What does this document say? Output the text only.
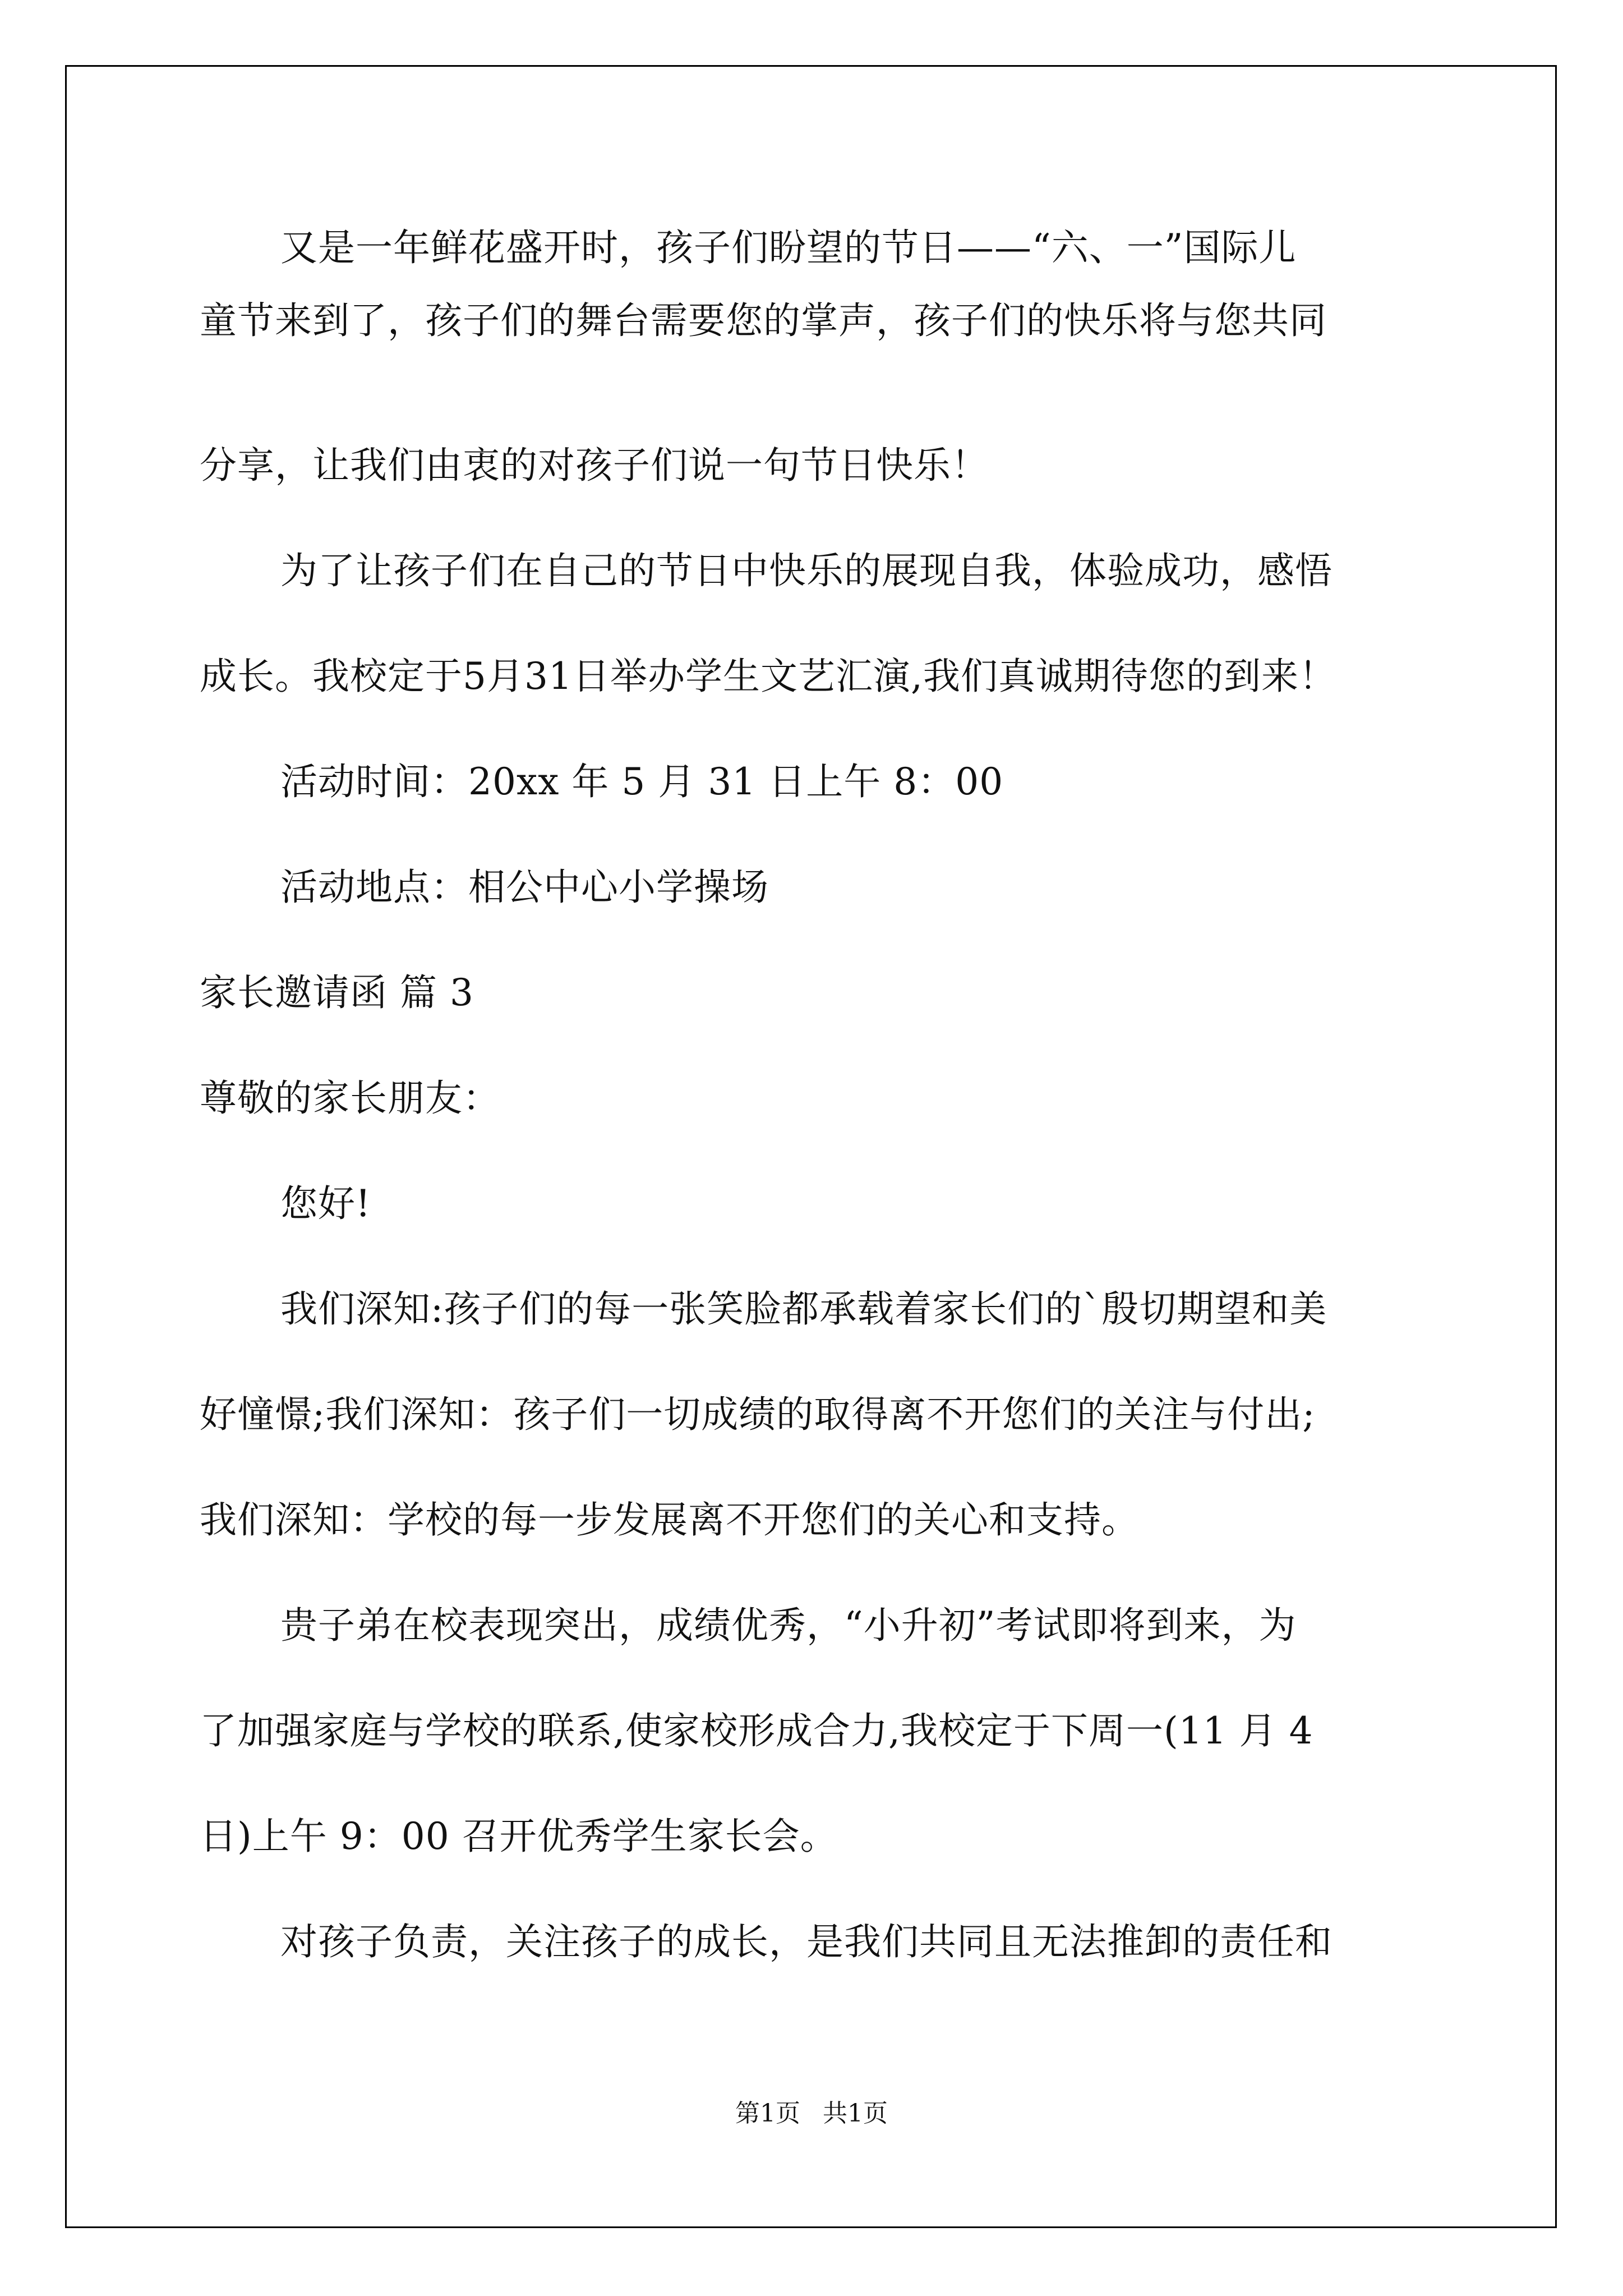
又是一年鲜花盛开时，孩子们盼望的节日——“六、一”国际儿
童节来到了，孩子们的舞台需要您的掌声，孩子们的快乐将与您共同
分享，让我们由衷的对孩子们说一句节日快乐！
为了让孩子们在自己的节日中快乐的展现自我，体验成功，感悟
成长。我校定于5月31日举办学生文艺汇演,我们真诚期待您的到来！
活动时间：20xx 年 5 月 31 日上午 8：00
活动地点：相公中心小学操场
家长邀请函 篇 3
尊敬的家长朋友：
您好!
我们深知:孩子们的每一张笑脸都承载着家长们的`殷切期望和美
好憧憬;我们深知：孩子们一切成绩的取得离不开您们的关注与付出;
我们深知：学校的每一步发展离不开您们的关心和支持。
贵子弟在校表现突出，成绩优秀，“小升初”考试即将到来，为
了加强家庭与学校的联系,使家校形成合力,我校定于下周一(11 月 4
日)上午 9：00 召开优秀学生家长会。
对孩子负责，关注孩子的成长，是我们共同且无法推卸的责任和
第1页 共1页
